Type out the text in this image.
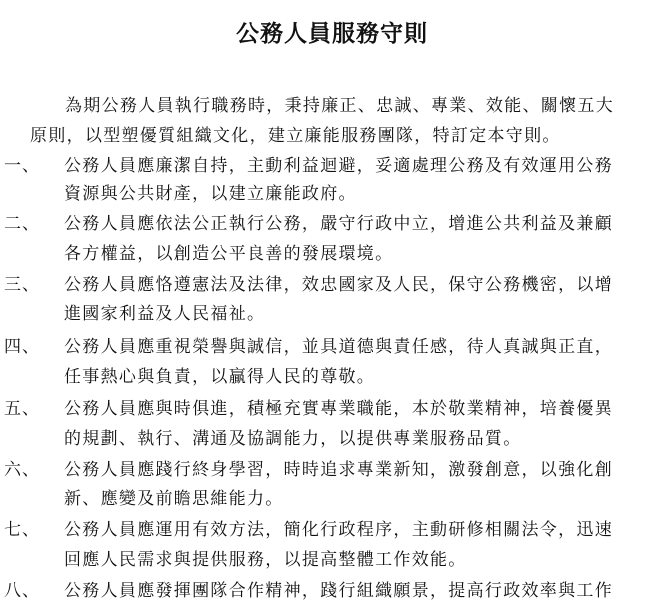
公務人員服務守則
為期公務人員執行職務時，秉持廉正、忠誠、專業、效能、關懷五大
原則，以型塑優質組織文化，建立廉能服務團隊，特訂定本守則。
一、 公務人員應廉潔自持，主動利益迴避，妥適處理公務及有效運用公務
資源與公共財產，以建立廉能政府。
二、 公務人員應依法公正執行公務，嚴守行政中立，增進公共利益及兼顧
各方權益，以創造公平良善的發展環境。
三、 公務人員應恪遵憲法及法律，效忠國家及人民，保守公務機密，以增
進國家利益及人民福祉。
四、 公務人員應重視榮譽與誠信，並具道德與責任感，待人真誠與正直，
任事熱心與負責，以贏得人民的尊敬。
五、 公務人員應與時俱進，積極充實專業職能，本於敬業精神，培養優異
的規劃、執行、溝通及協調能力，以提供專業服務品質。
六、 公務人員應踐行終身學習，時時追求專業新知，激發創意，以強化創
新、應變及前瞻思維能力。
七、 公務人員應運用有效方法，簡化行政程序，主動研修相關法令，迅速
回應人民需求與提供服務，以提高整體工作效能。
八、 公務人員應發揮團隊合作精神，踐行組織願景，提高行政效率與工作
